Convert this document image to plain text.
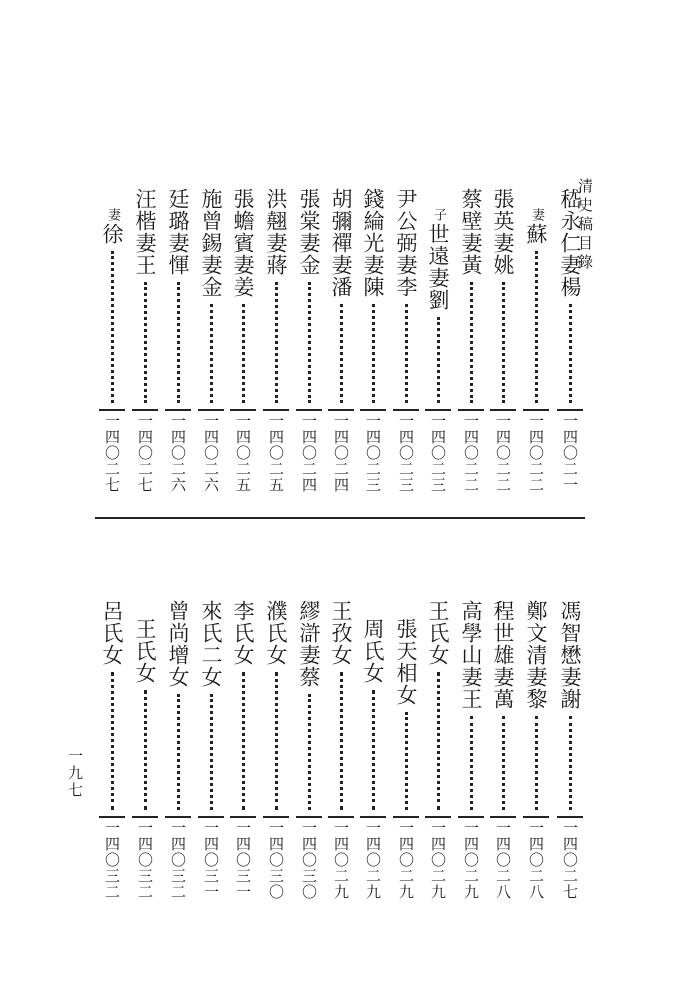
清史稿目錄
嵇永仁妻楊
一四〇二一
妻蘇
一四〇二二
張英妻姚
一四〇二二
蔡壁妻黃
一四〇二二
子世遠妻劉
一四〇二三
尹公弼妻李
一四〇二三
錢綸光妻陳
一四〇二三
胡彌禪妻潘
一四〇二四
張棠妻金
一四〇二四
洪翹妻蔣
一四〇二五
張蟾賓妻姜
一四〇二五
施曾錫妻金
一四〇二六
廷璐妻惲
一四〇二六
汪楷妻王
一四〇二七
妻徐
一四〇二七
馮智懋妻謝
一四〇二七
鄭文清妻黎
一四〇二八
程世雄妻萬
一四〇二八
高學山妻王
一四〇二九
王氏女
一四〇二九
張天相女
一四〇二九
周氏女
一四〇二九
王孜女
一四〇二九
繆滸妻蔡
一四〇三〇
濮氏女
一四〇三〇
李氏女
一四〇三一
來氏二女
一四〇三一
曾尚增女
一四〇三二
王氏女
一四〇三二
呂氏女
一四〇三二
一九七
